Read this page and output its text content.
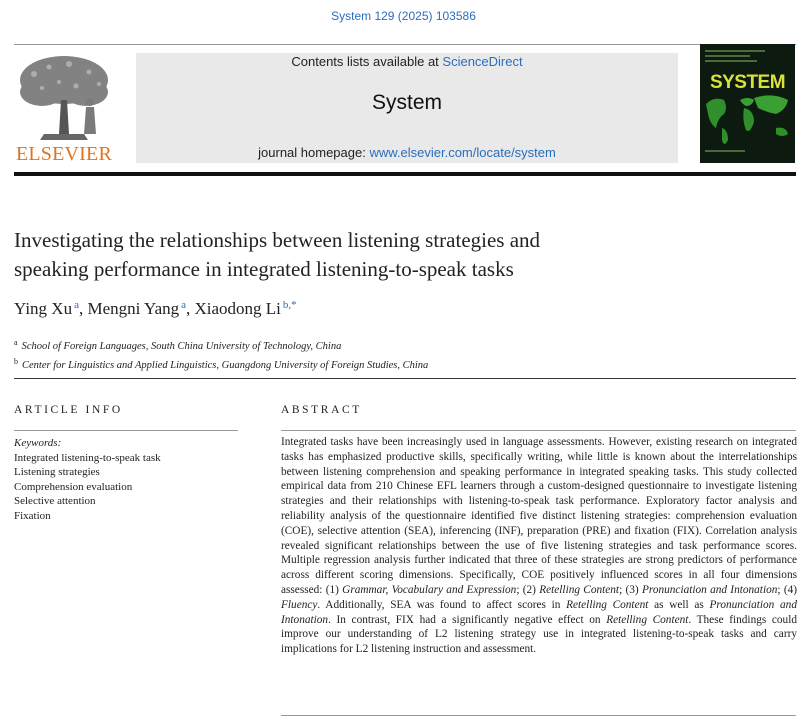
System 129 (2025) 103586
ELSEVIER
Contents lists available at ScienceDirect
System
journal homepage: www.elsevier.com/locate/system
SYSTEM
Investigating the relationships between listening strategies and
speaking performance in integrated listening-to-speak tasks
Ying Xu $^a$, Mengni Yang $^a$, Xiaodong Li $^{b,*}$
$^a$ School of Foreign Languages, South China University of Technology, China
$^b$ Center for Linguistics and Applied Linguistics, Guangdong University of Foreign Studies, China
ARTICLE INFO	ABSTRACT
Keywords:
Integrated listening-to-speak task
Listening strategies
Comprehension evaluation
Selective attention
Fixation
Integrated tasks have been increasingly used in language assessments. However, existing research on integrated tasks has emphasized productive skills, specifically writing, while little is known about the interrelationships between listening comprehension and speaking performance in integrated speaking tasks. This study collected empirical data from 210 Chinese EFL learners through a custom-designed questionnaire to investigate listening strategies and their relationships with listening-to-speak task performance. Exploratory factor analysis and reliability analysis of the questionnaire identified five distinct listening strategies: comprehension evaluation (COE), selective attention (SEA), inferencing (INF), preparation (PRE) and fixation (FIX). Correlation analysis revealed significant relationships between the use of five listening strategies and task performance scores. Multiple regression analysis further indicated that three of these strategies are strong predictors of performance across different scoring dimensions. Specifically, COE positively influenced scores in all four dimensions assessed: (1) Grammar, Vocabulary and Expression; (2) Retelling Content; (3) Pronunciation and Intonation; (4) Fluency. Additionally, SEA was found to affect scores in Retelling Content as well as Pronunciation and Intonation. In contrast, FIX had a significantly negative effect on Retelling Content. These findings could improve our understanding of L2 listening strategy use in integrated listening-to-speak tasks and carry implications for L2 listening instruction and assessment.
